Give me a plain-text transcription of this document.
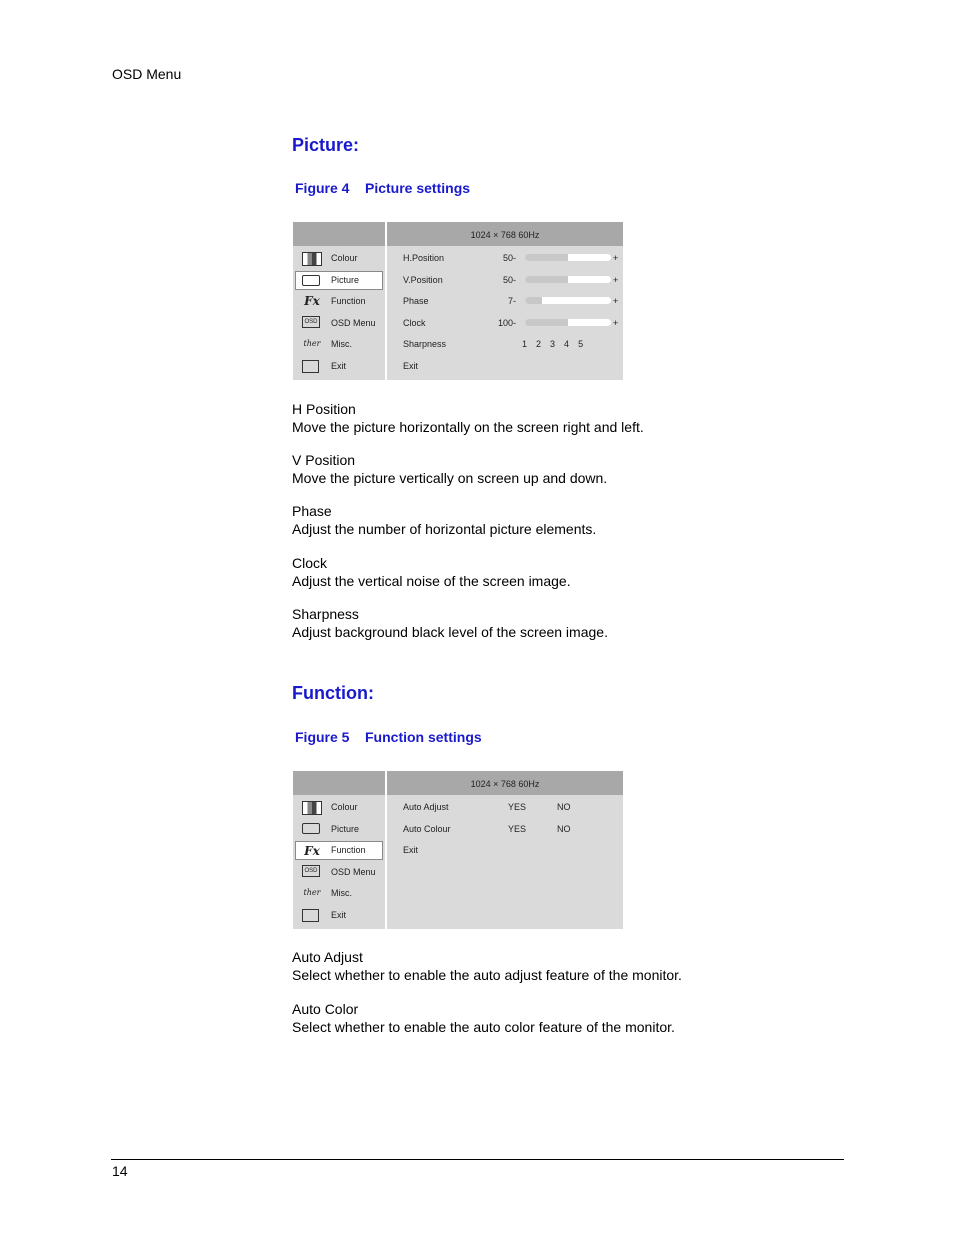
OSD Menu
Picture:
Figure 4 Picture settings
Colour
Picture
Fx Function
OSD OSD Menu
ther Misc.
Exit
1024 × 768 60Hz
H.Position	50-	+
V.Position	50-	+
Phase	7-	+
Clock	100-	+
Sharpness	1 2 3 4 5
Exit
H Position
Move the picture horizontally on the screen right and left.
V Position
Move the picture vertically on screen up and down.
Phase
Adjust the number of horizontal picture elements.
Clock
Adjust the vertical noise of the screen image.
Sharpness
Adjust background black level of the screen image.
Function:
Figure 5 Function settings
Colour
Picture
Fx Function
OSD OSD Menu
ther Misc.
Exit
1024 × 768 60Hz
Auto Adjust	YES	NO
Auto Colour	YES	NO
Exit
Auto Adjust
Select whether to enable the auto adjust feature of the monitor.
Auto Color
Select whether to enable the auto color feature of the monitor.
14
